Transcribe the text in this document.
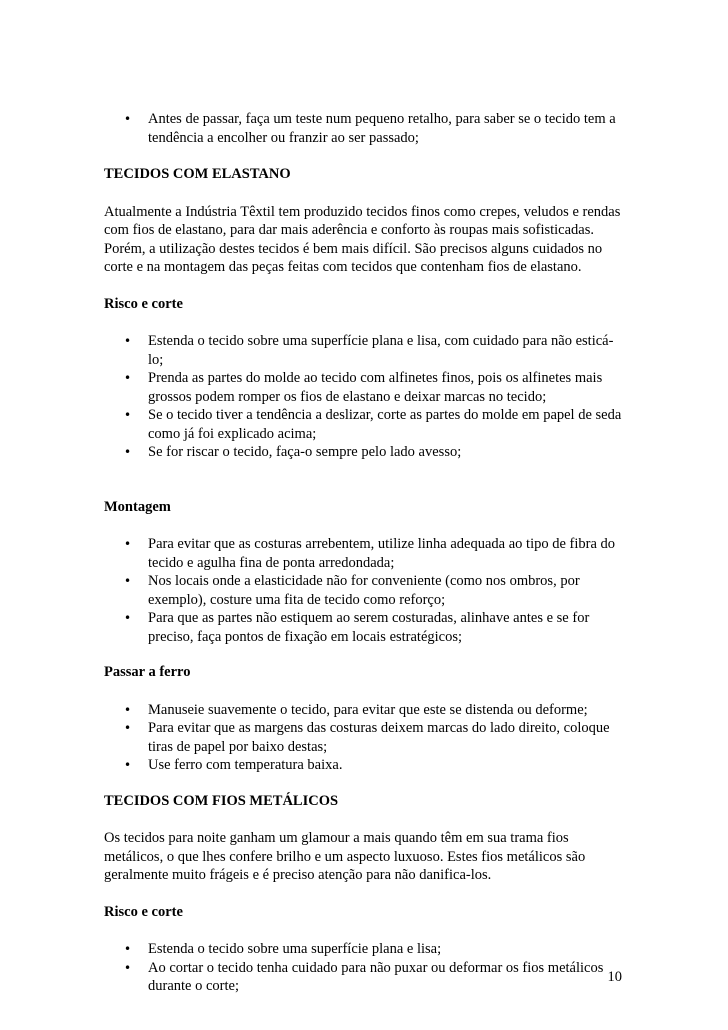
• Antes de passar, faça um teste num pequeno retalho, para saber se o tecido tem a tendência a encolher ou franzir ao ser passado;

TECIDOS COM ELASTANO

Atualmente a Indústria Têxtil tem produzido tecidos finos como crepes, veludos e rendas com fios de elastano, para dar mais aderência e conforto às roupas mais sofisticadas. Porém, a utilização destes tecidos é bem mais difícil. São precisos alguns cuidados no corte e na montagem das peças feitas com tecidos que contenham fios de elastano.

Risco e corte

• Estenda o tecido sobre uma superfície plana e lisa, com cuidado para não esticá-lo;
• Prenda as partes do molde ao tecido com alfinetes finos, pois os alfinetes mais grossos podem romper os fios de elastano e deixar marcas no tecido;
• Se o tecido tiver a tendência a deslizar, corte as partes do molde em papel de seda como já foi explicado acima;
• Se for riscar o tecido, faça-o sempre pelo lado avesso;

Montagem

• Para evitar que as costuras arrebentem, utilize linha adequada ao tipo de fibra do tecido e agulha fina de ponta arredondada;
• Nos locais onde a elasticidade não for conveniente (como nos ombros, por exemplo), costure uma fita de tecido como reforço;
• Para que as partes não estiquem ao serem costuradas, alinhave antes e se for preciso, faça pontos de fixação em locais estratégicos;

Passar a ferro

• Manuseie suavemente o tecido, para evitar que este se distenda ou deforme;
• Para evitar que as margens das costuras deixem marcas do lado direito, coloque tiras de papel por baixo destas;
• Use ferro com temperatura baixa.

TECIDOS COM FIOS METÁLICOS

Os tecidos para noite ganham um glamour a mais quando têm em sua trama fios metálicos, o que lhes confere brilho e um aspecto luxuoso. Estes fios metálicos são geralmente muito frágeis e é preciso atenção para não danifica-los.

Risco e corte

• Estenda o tecido sobre uma superfície plana e lisa;
• Ao cortar o tecido tenha cuidado para não puxar ou deformar os fios metálicos durante o corte;
10
